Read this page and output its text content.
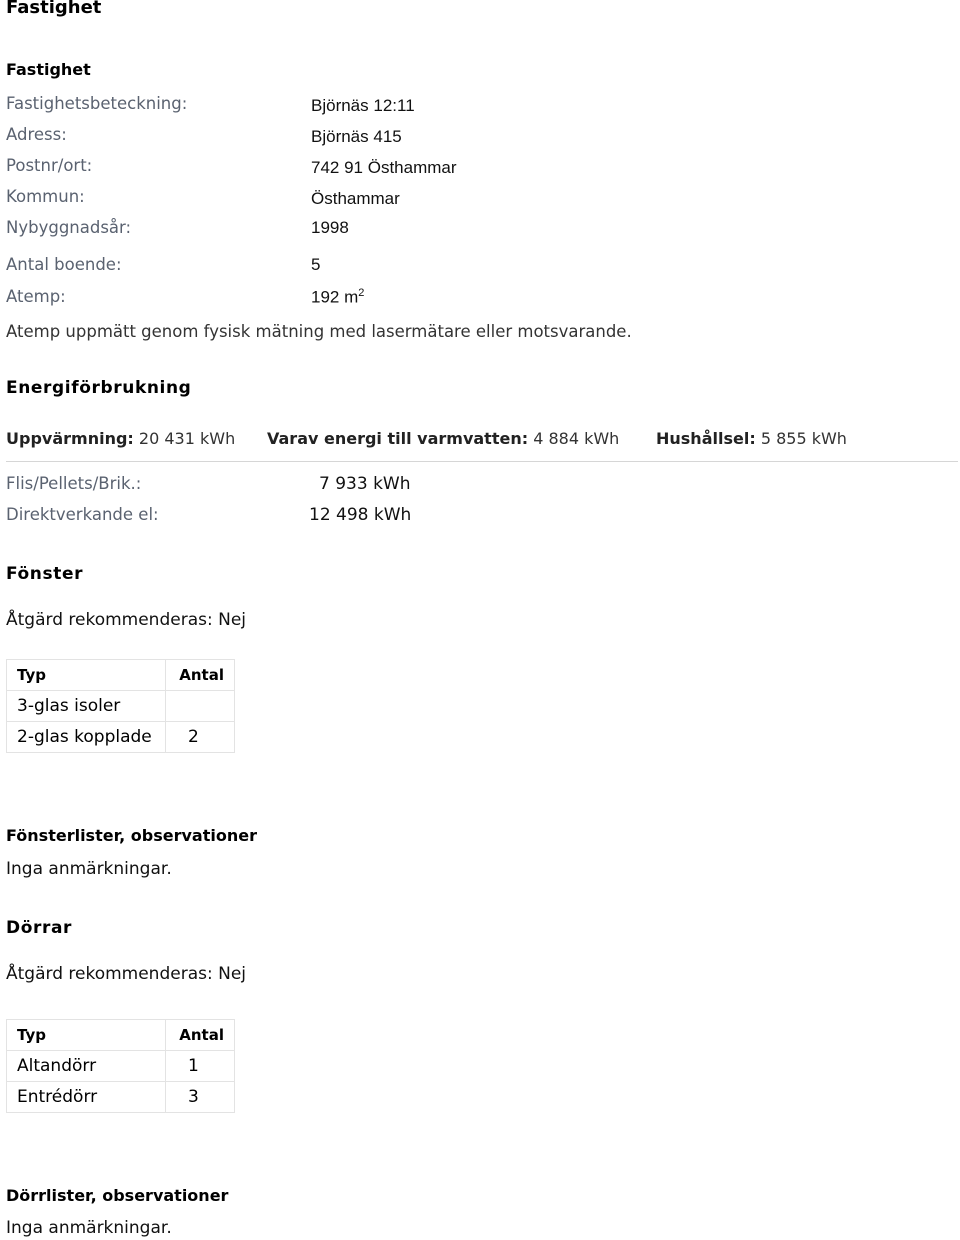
Fastighet
Fastighet
Fastighetsbeteckning:	Björnäs 12:11
Adress:	Björnäs 415
Postnr/ort:	742 91 Östhammar
Kommun:	Östhammar
Nybyggnadsår:	1998
Antal boende:	5
Atemp:	192 $m^2$
Atemp uppmätt genom fysisk mätning med lasermätare eller motsvarande.
Energiförbrukning
Uppvärmning: 20 431 kWh Varav energi till varmvatten: 4 884 kWh Hushållsel: 5 855 kWh
Flis/Pellets/Brik.:	7 933 kWh
Direktverkande el:	12 498 kWh
Fönster
Åtgärd rekommenderas: Nej
Typ	Antal
3-glas isoler	
2-glas kopplade	2
Fönsterlister, observationer
Inga anmärkningar.
Dörrar
Åtgärd rekommenderas: Nej
Typ	Antal
Altandörr	1
Entrédörr	3
Dörrlister, observationer
Inga anmärkningar.
